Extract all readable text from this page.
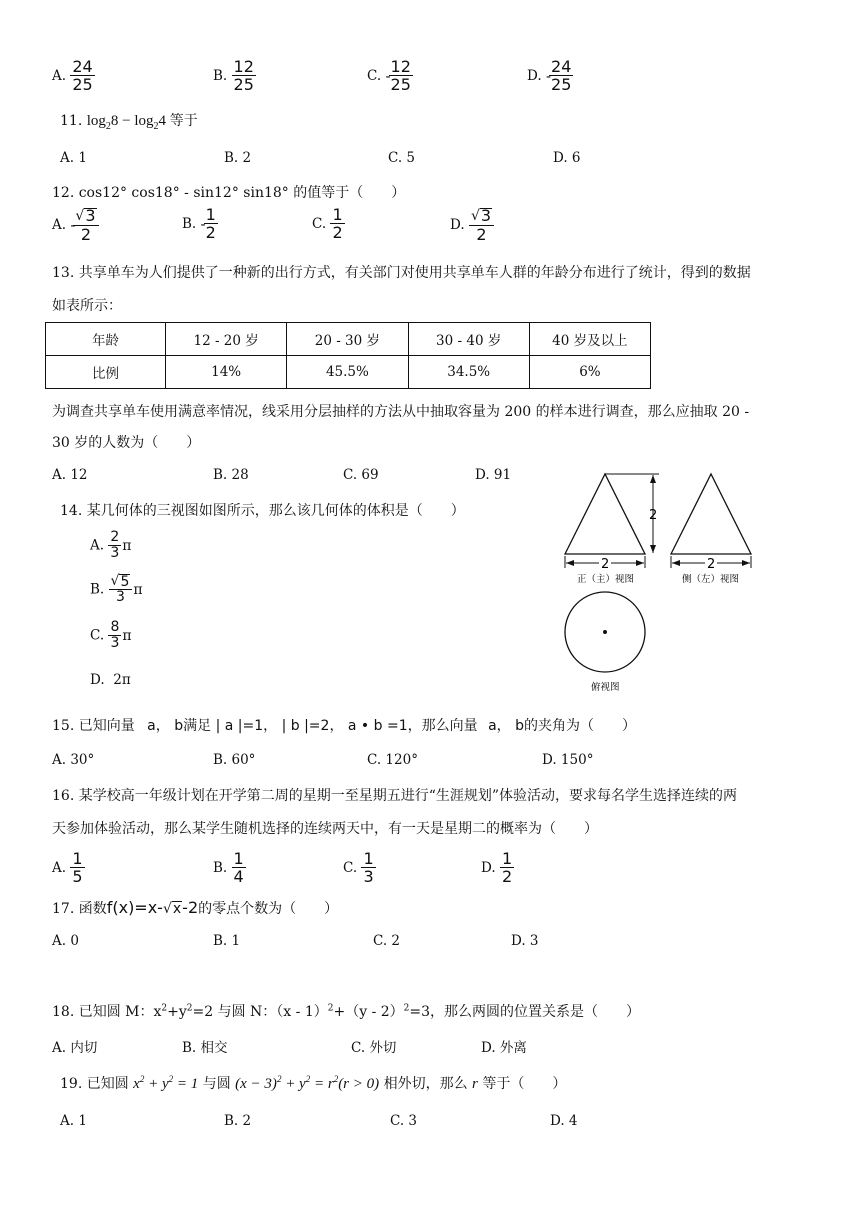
A. $\frac{24}{25}$	B. $\frac{12}{25}$	C. -
$\frac{12}{25}$	D. -
$\frac{24}{25}$
11. $\log_28 - \log_24$ 等于
A. 1	B. 2	C. 5	D. 6
12. cos12° cos18° - sin12° sin18° 的值等于（　　）
A. -
$\frac{√ 3}{2}$	B. -
$\frac{1}{2}$	C. $\frac{1}{2}$	D. $\frac{√ 3}{2}$
13. 共享单车为人们提供了一种新的出行方式，有关部门对使用共享单车人群的年龄分布进行了统计，得到的数据
如表所示：
年龄	12 - 20 岁	20 - 30 岁	30 - 40 岁	40 岁及以上
比例	14%	45.5%	34.5%	6%
为调查共享单车使用满意率情况，线采用分层抽样的方法从中抽取容量为 200 的样本进行调查，那么应抽取 20 -
30 岁的人数为（　　）
A. 12	B. 28	C. 69	D. 91
14. 某几何体的三视图如图所示，那么该几何体的体积是（　　）
A. $\frac{2}{3}$ π
B. $\frac{√ 5}{3}$ π
C. $\frac{8}{3}$ π
D. 2π
2
2
正（主）视图
2
侧（左）视图
俯视图
15. 已知向量 a， b满足 | a |=1， | b |=2， a • b =1，那么向量 a， b的夹角为（　　）
A. 30°	B. 60°	C. 120°	D. 150°
16. 某学校高一年级计划在开学第二周的星期一至星期五进行“生涯规划”体验活动，要求每名学生选择连续的两
天参加体验活动，那么某学生随机选择的连续两天中，有一天是星期二的概率为（　　）
A. $\frac{1}{5}$	B. $\frac{1}{4}$	C. $\frac{1}{3}$	D. $\frac{1}{2}$
17. 函数f(x)=x- √ x -2的零点个数为（　　）
A. 0	B. 1	C. 2	D. 3
18. 已知圆 M：$x^2+y^2=2$ 与圆 N：（x - 1）$^2$+（y - 2）$^2$=3，那么两圆的位置关系是（　　）
A. 内切	B. 相交	C. 外切	D. 外离
19. 已知圆 $x^2 + y^2 = 1$ 与圆 $(x - 3)^2 + y^2 = r^2(r > 0)$ 相外切，那么 r 等于（　　）
A. 1	B. 2	C. 3	D. 4
